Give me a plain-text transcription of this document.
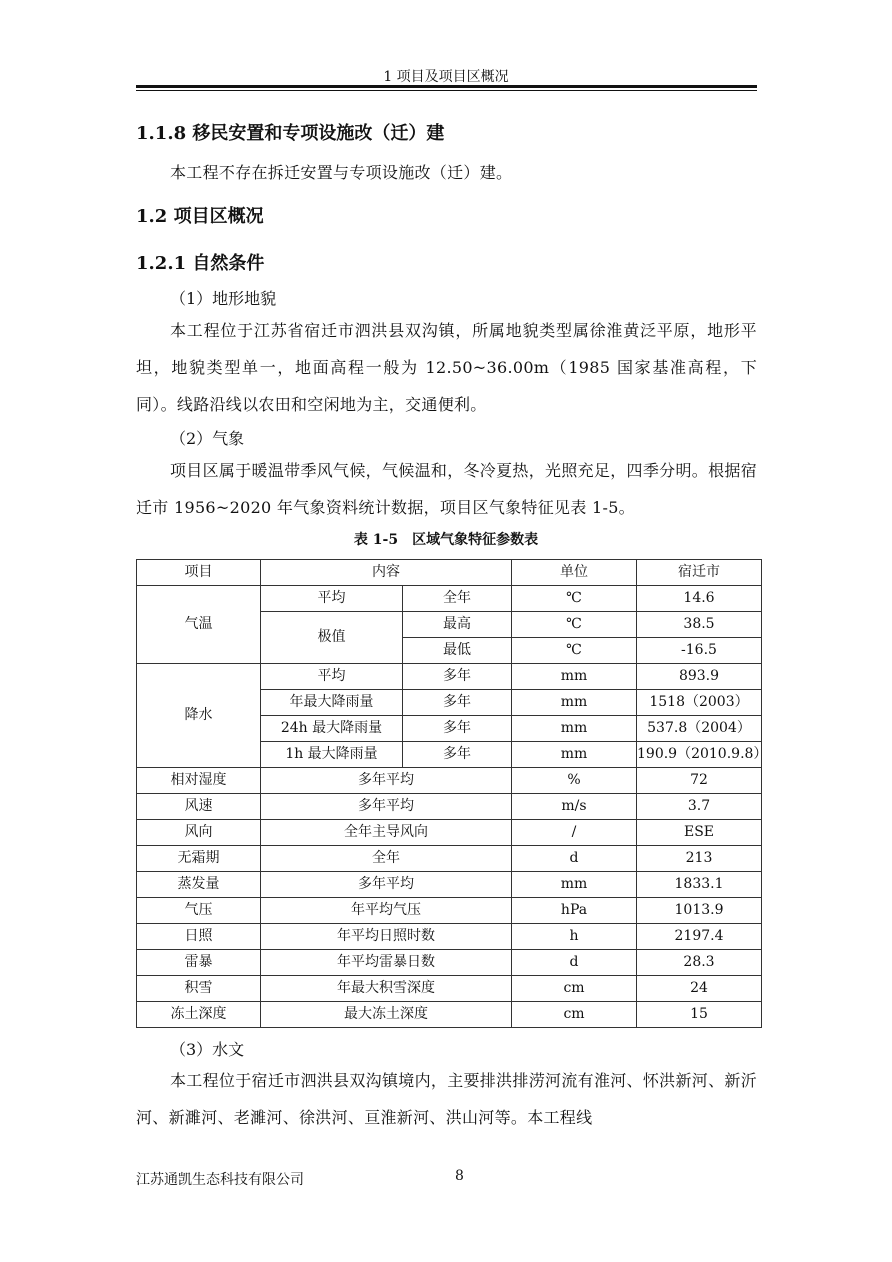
1 项目及项目区概况
1.1.8 移民安置和专项设施改（迁）建
本工程不存在拆迁安置与专项设施改（迁）建。
1.2 项目区概况
1.2.1 自然条件
（1）地形地貌
本工程位于江苏省宿迁市泗洪县双沟镇，所属地貌类型属徐淮黄泛平原，地形平坦，地貌类型单一，地面高程一般为 12.50~36.00m（1985 国家基准高程，下同）。线路沿线以农田和空闲地为主，交通便利。
（2）气象
项目区属于暖温带季风气候，气候温和，冬冷夏热，光照充足，四季分明。根据宿迁市 1956~2020 年气象资料统计数据，项目区气象特征见表 1-5。
表 1-5　区域气象特征参数表
项目	内容		单位	宿迁市
气温	平均	全年	℃	14.6
	极值	最高	℃	38.5
		最低	℃	-16.5
降水	平均	多年	mm	893.9
	年最大降雨量	多年	mm	1518（2003）
	24h 最大降雨量	多年	mm	537.8（2004）
	1h 最大降雨量	多年	mm	190.9（2010.9.8）
相对湿度	多年平均		%	72
风速	多年平均		m/s	3.7
风向	全年主导风向		/	ESE
无霜期	全年		d	213
蒸发量	多年平均		mm	1833.1
气压	年平均气压		hPa	1013.9
日照	年平均日照时数		h	2197.4
雷暴	年平均雷暴日数		d	28.3
积雪	年最大积雪深度		cm	24
冻土深度	最大冻土深度		cm	15
（3）水文
本工程位于宿迁市泗洪县双沟镇境内，主要排洪排涝河流有淮河、怀洪新河、新沂河、新濉河、老濉河、徐洪河、亘淮新河、洪山河等。本工程线
江苏通凯生态科技有限公司	8
